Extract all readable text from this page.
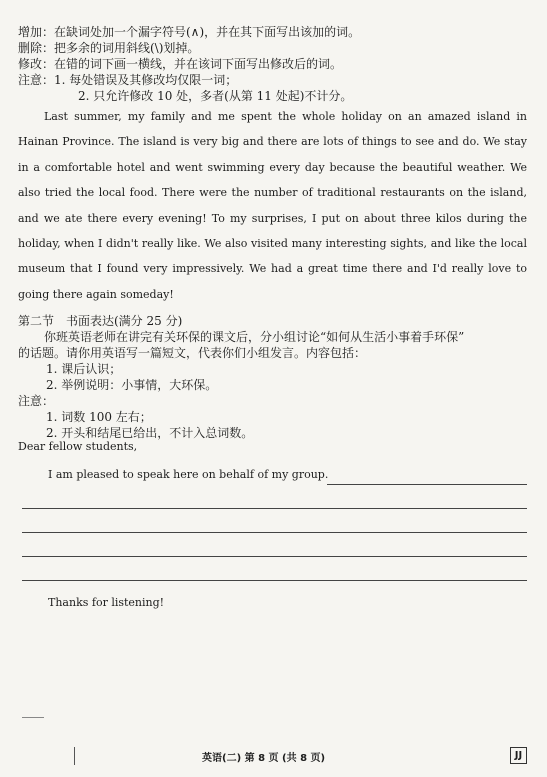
增加：在缺词处加一个漏字符号(∧)，并在其下面写出该加的词。
删除：把多余的词用斜线(\)划掉。
修改：在错的词下画一横线，并在该词下面写出修改后的词。
注意：1. 每处错误及其修改均仅限一词；
2. 只允许修改 10 处，多者(从第 11 处起)不计分。

Last summer, my family and me spent the whole holiday on an amazed island in Hainan Province. The island is very big and there are lots of things to see and do. We stay in a comfortable hotel and went swimming every day because the beautiful weather. We also tried the local food. There were the number of traditional restaurants on the island, and we ate there every evening! To my surprises, I put on about three kilos during the holiday, when I didn't really like. We also visited many interesting sights, and like the local museum that I found very impressively. We had a great time there and I'd really love to going there again someday!

第二节　书面表达(满分 25 分)
你班英语老师在讲完有关环保的课文后，分小组讨论“如何从生活小事着手环保”
的话题。请你用英语写一篇短文，代表你们小组发言。内容包括：
1. 课后认识；
2. 举例说明：小事情，大环保。
注意：
1. 词数 100 左右；
2. 开头和结尾已给出，不计入总词数。
Dear fellow students,
I am pleased to speak here on behalf of my group.
Thanks for listening!
英语(二) 第 8 页 (共 8 页)	JJ
